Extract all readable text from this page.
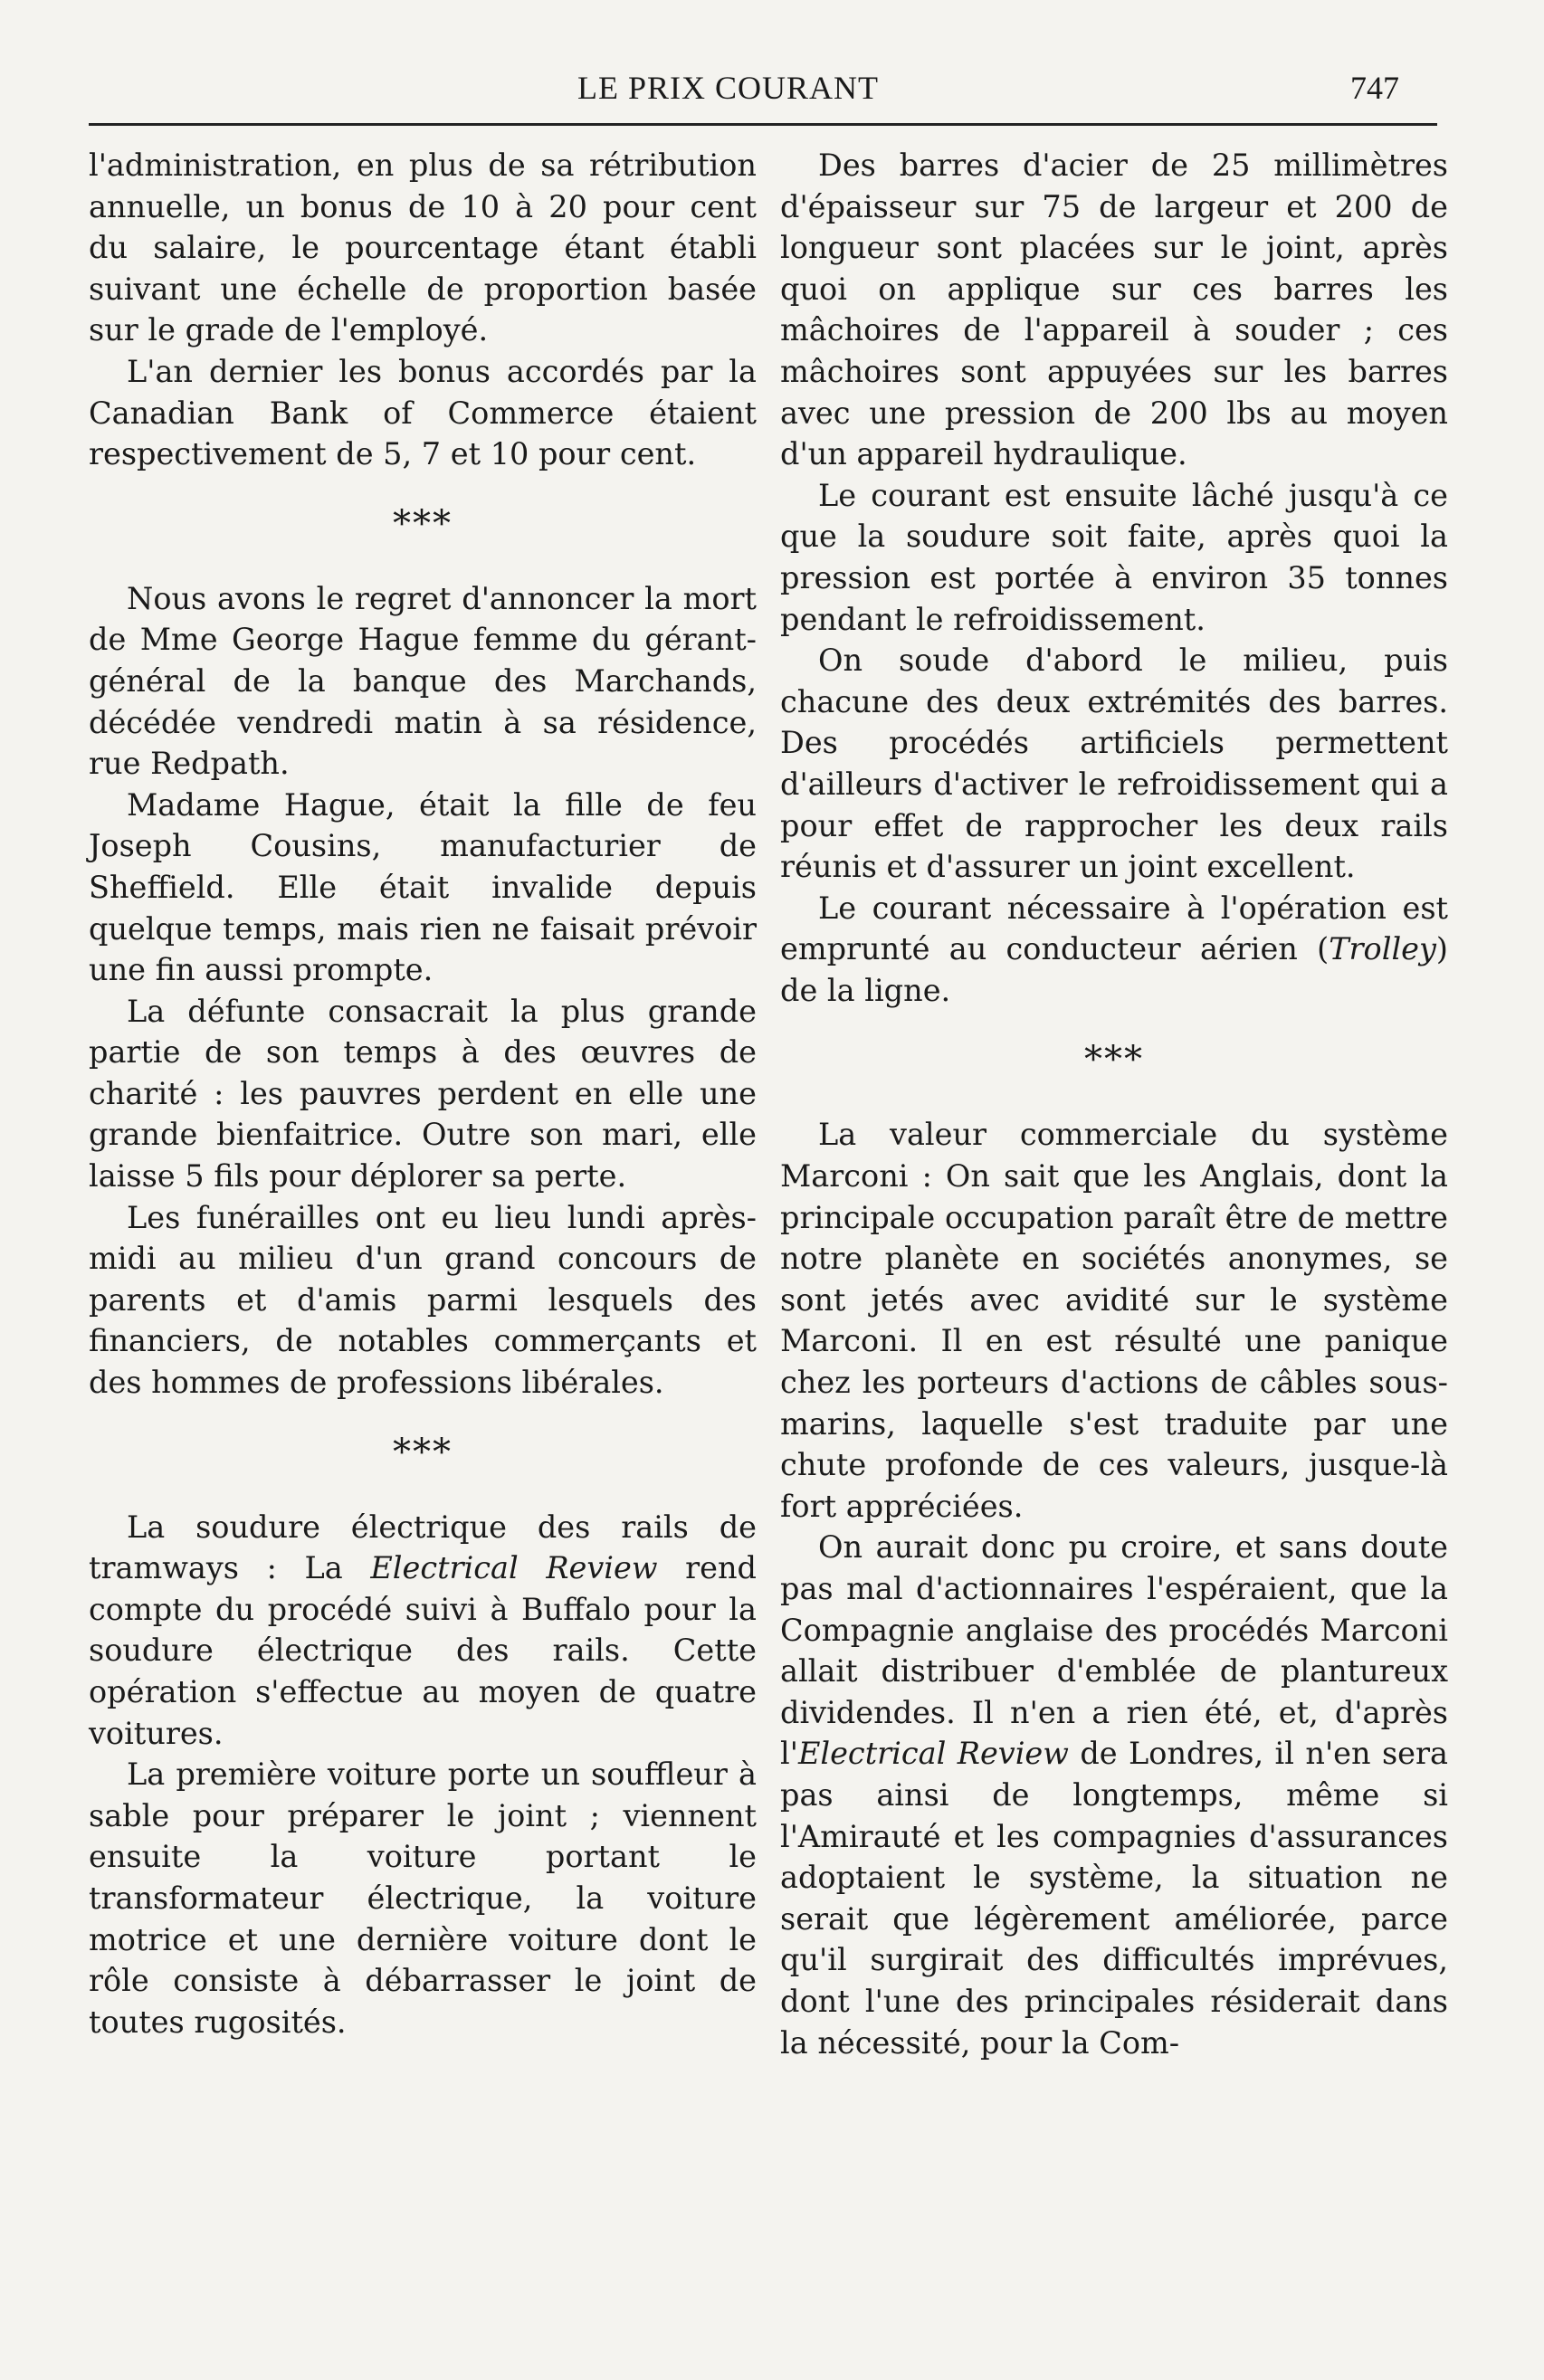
LE PRIX COURANT	747

l'administration, en plus de sa rétribution annuelle, un bonus de 10 à 20 pour cent du salaire, le pourcentage étant établi suivant une échelle de proportion basée sur le grade de l'employé.

L'an dernier les bonus accordés par la Canadian Bank of Commerce étaient respectivement de 5, 7 et 10 pour cent.

***

Nous avons le regret d'annoncer la mort de Mme George Hague femme du gérant-général de la banque des Marchands, décédée vendredi matin à sa résidence, rue Redpath.

Madame Hague, était la fille de feu Joseph Cousins, manufacturier de Sheffield. Elle était invalide depuis quelque temps, mais rien ne faisait prévoir une fin aussi prompte.

La défunte consacrait la plus grande partie de son temps à des œuvres de charité : les pauvres perdent en elle une grande bienfaitrice. Outre son mari, elle laisse 5 fils pour déplorer sa perte.

Les funérailles ont eu lieu lundi après-midi au milieu d'un grand concours de parents et d'amis parmi lesquels des financiers, de notables commerçants et des hommes de professions libérales.

***

La soudure électrique des rails de tramways : La Electrical Review rend compte du procédé suivi à Buffalo pour la soudure électrique des rails. Cette opération s'effectue au moyen de quatre voitures.

La première voiture porte un souffleur à sable pour préparer le joint ; viennent ensuite la voiture portant le transformateur électrique, la voiture motrice et une dernière voiture dont le rôle consiste à débarrasser le joint de toutes rugosités.

Des barres d'acier de 25 millimètres d'épaisseur sur 75 de largeur et 200 de longueur sont placées sur le joint, après quoi on applique sur ces barres les mâchoires de l'appareil à souder ; ces mâchoires sont appuyées sur les barres avec une pression de 200 lbs au moyen d'un appareil hydraulique.

Le courant est ensuite lâché jusqu'à ce que la soudure soit faite, après quoi la pression est portée à environ 35 tonnes pendant le refroidissement.

On soude d'abord le milieu, puis chacune des deux extrémités des barres. Des procédés artificiels permettent d'ailleurs d'activer le refroidissement qui a pour effet de rapprocher les deux rails réunis et d'assurer un joint excellent.

Le courant nécessaire à l'opération est emprunté au conducteur aérien (Trolley) de la ligne.

***

La valeur commerciale du système Marconi : On sait que les Anglais, dont la principale occupation paraît être de mettre notre planète en sociétés anonymes, se sont jetés avec avidité sur le système Marconi. Il en est résulté une panique chez les porteurs d'actions de câbles sous-marins, laquelle s'est traduite par une chute profonde de ces valeurs, jusque-là fort appréciées.

On aurait donc pu croire, et sans doute pas mal d'actionnaires l'espéraient, que la Compagnie anglaise des procédés Marconi allait distribuer d'emblée de plantureux dividendes. Il n'en a rien été, et, d'après l'Electrical Review de Londres, il n'en sera pas ainsi de longtemps, même si l'Amirauté et les compagnies d'assurances adoptaient le système, la situation ne serait que légèrement améliorée, parce qu'il surgirait des difficultés imprévues, dont l'une des principales résiderait dans la nécessité, pour la Com-
